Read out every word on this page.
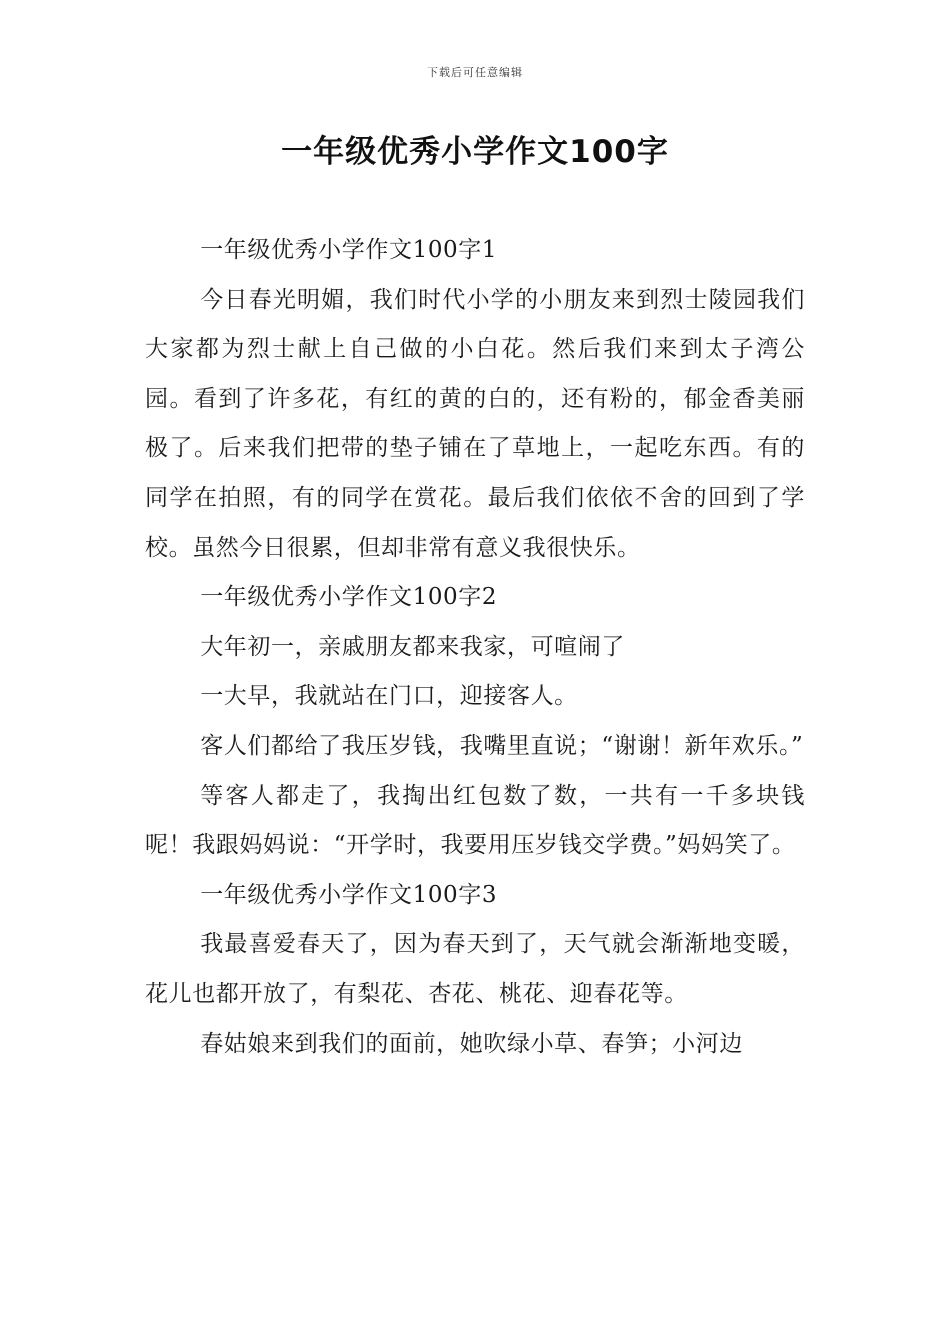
下载后可任意编辑
一年级优秀小学作文100字

一年级优秀小学作文100字1

今日春光明媚，我们时代小学的小朋友来到烈士陵园我们大家都为烈士献上自己做的小白花。然后我们来到太子湾公园。看到了许多花，有红的黄的白的，还有粉的，郁金香美丽极了。后来我们把带的垫子铺在了草地上，一起吃东西。有的同学在拍照，有的同学在赏花。最后我们依依不舍的回到了学校。虽然今日很累，但却非常有意义我很快乐。

一年级优秀小学作文100字2

大年初一，亲戚朋友都来我家，可喧闹了

一大早，我就站在门口，迎接客人。

客人们都给了我压岁钱，我嘴里直说；“谢谢！新年欢乐。”

等客人都走了，我掏出红包数了数，一共有一千多块钱呢！我跟妈妈说：“开学时，我要用压岁钱交学费。”妈妈笑了。

一年级优秀小学作文100字3

我最喜爱春天了，因为春天到了，天气就会渐渐地变暖，花儿也都开放了，有梨花、杏花、桃花、迎春花等。

春姑娘来到我们的面前，她吹绿小草、春笋；小河边
